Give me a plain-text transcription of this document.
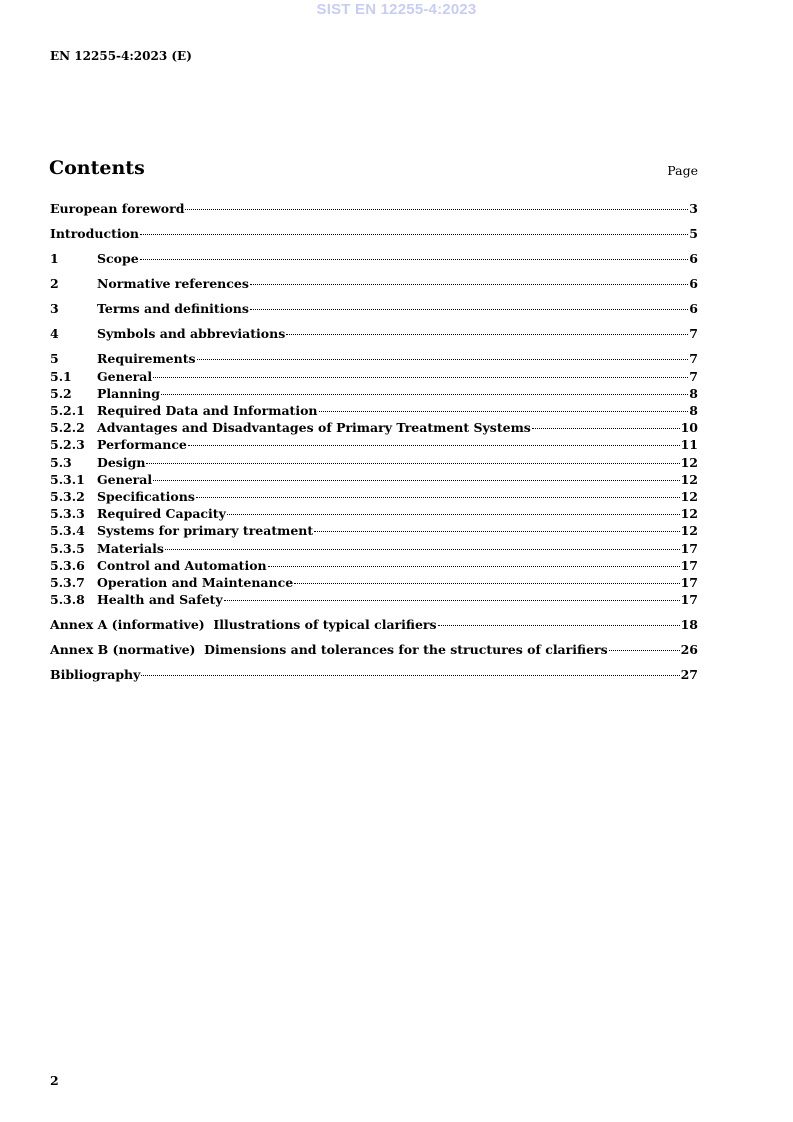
SIST EN 12255-4:2023
EN 12255-4:2023 (E)
Contents	Page
European foreword	3
Introduction	5
1	Scope	6
2	Normative references	6
3	Terms and definitions	6
4	Symbols and abbreviations	7
5	Requirements	7
5.1	General	7
5.2	Planning	8
5.2.1 Required Data and Information	8
5.2.2 Advantages and Disadvantages of Primary Treatment Systems	10
5.2.3 Performance	11
5.3	Design	12
5.3.1 General	12
5.3.2 Specifications	12
5.3.3 Required Capacity	12
5.3.4 Systems for primary treatment	12
5.3.5 Materials	17
5.3.6 Control and Automation	17
5.3.7 Operation and Maintenance	17
5.3.8 Health and Safety	17
Annex A (informative)  Illustrations of typical clarifiers	18
Annex B (normative)  Dimensions and tolerances for the structures of clarifiers	26
Bibliography	27
2
